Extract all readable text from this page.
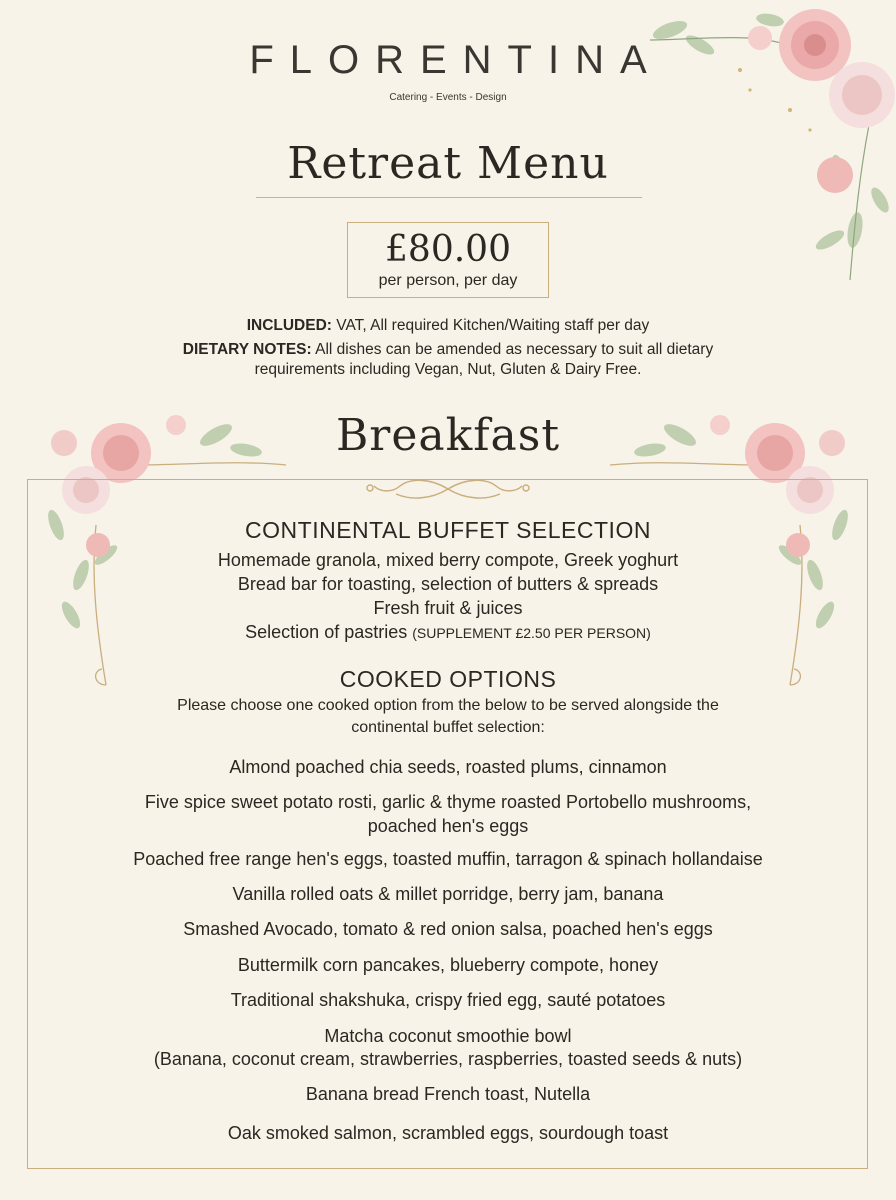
FLORENTINA
Catering - Events - Design
Retreat Menu
£80.00
per person, per day
INCLUDED: VAT, All required Kitchen/Waiting staff per day
DIETARY NOTES: All dishes can be amended as necessary to suit all dietary
requirements including Vegan, Nut, Gluten & Dairy Free.
Breakfast
CONTINENTAL BUFFET SELECTION
Homemade granola, mixed berry compote, Greek yoghurt
Bread bar for toasting, selection of butters & spreads
Fresh fruit & juices
Selection of pastries (SUPPLEMENT £2.50 PER PERSON)
COOKED OPTIONS
Please choose one cooked option from the below to be served alongside the
continental buffet selection:
Almond poached chia seeds, roasted plums, cinnamon
Five spice sweet potato rosti, garlic & thyme roasted Portobello mushrooms,
poached hen's eggs
Poached free range hen's eggs, toasted muffin, tarragon & spinach hollandaise
Vanilla rolled oats & millet porridge, berry jam, banana
Smashed Avocado, tomato & red onion salsa, poached hen's eggs
Buttermilk corn pancakes, blueberry compote, honey
Traditional shakshuka, crispy fried egg, sauté potatoes
Matcha coconut smoothie bowl
(Banana, coconut cream, strawberries, raspberries, toasted seeds & nuts)
Banana bread French toast, Nutella
Oak smoked salmon, scrambled eggs, sourdough toast
